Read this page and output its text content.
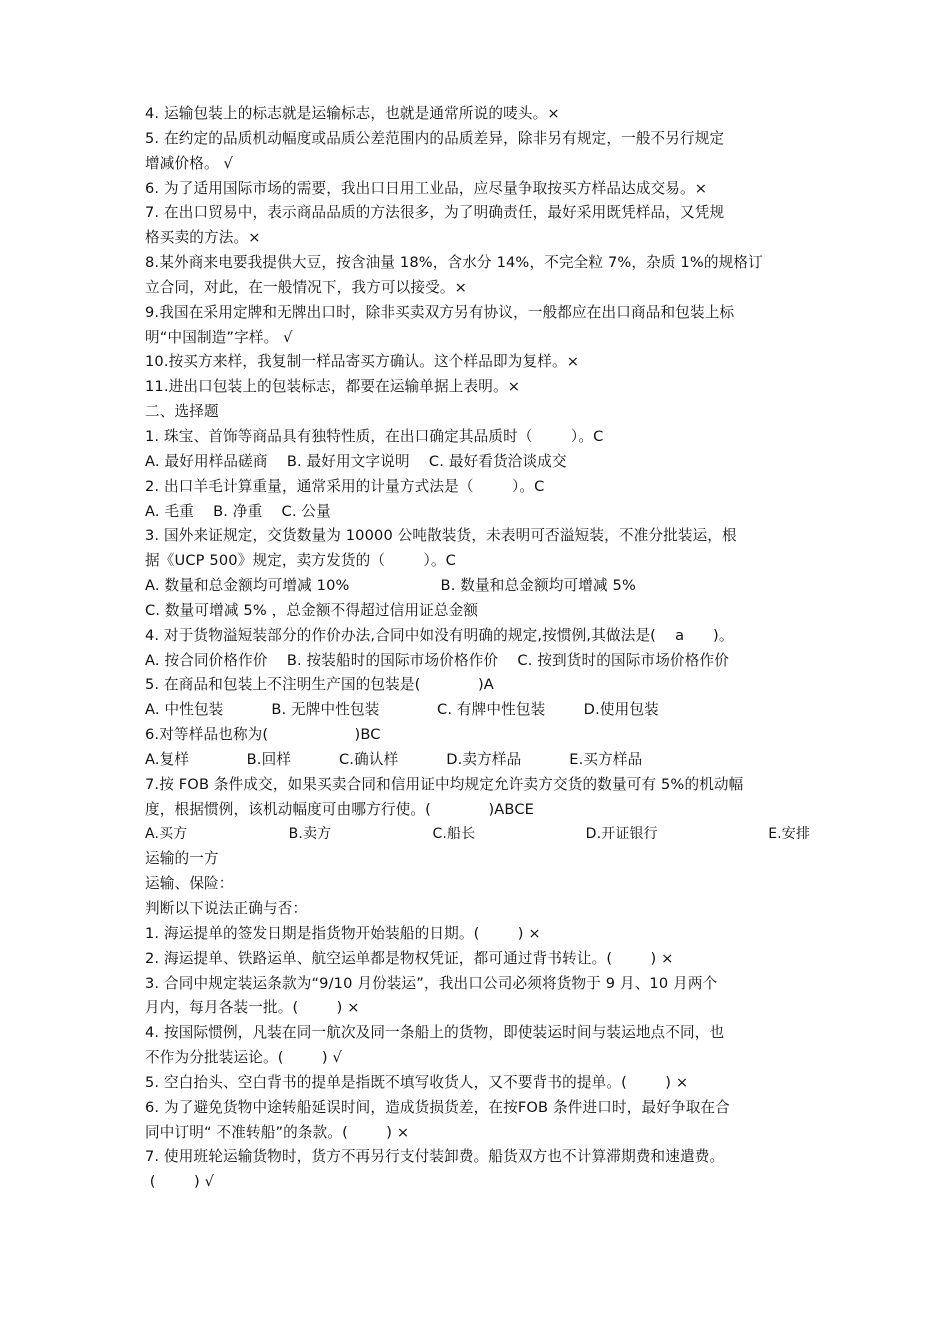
4. 运输包装上的标志就是运输标志，也就是通常所说的唛头。×
5. 在约定的品质机动幅度或品质公差范围内的品质差异，除非另有规定，一般不另行规定
增减价格。 √
6. 为了适用国际市场的需要，我出口日用工业品，应尽量争取按买方样品达成交易。×
7. 在出口贸易中，表示商品品质的方法很多，为了明确责任，最好采用既凭样品，又凭规
格买卖的方法。×
8.某外商来电要我提供大豆，按含油量 18%，含水分 14%，不完全粒 7%，杂质 1%的规格订
立合同，对此，在一般情况下，我方可以接受。×
9.我国在采用定牌和无牌出口时，除非买卖双方另有协议，一般都应在出口商品和包装上标
明“中国制造”字样。 √
10.按买方来样，我复制一样品寄买方确认。这个样品即为复样。×
11.进出口包装上的包装标志，都要在运输单据上表明。×
二、选择题
1. 珠宝、首饰等商品具有独特性质，在出口确定其品质时（        ）。C
A. 最好用样品磋商    B. 最好用文字说明    C. 最好看货洽谈成交
2. 出口羊毛计算重量，通常采用的计量方式法是（        ）。C
A. 毛重    B. 净重    C. 公量
3. 国外来证规定，交货数量为 10000 公吨散装货，未表明可否溢短装，不准分批装运，根
据《UCP 500》规定，卖方发货的（        ）。C
A. 数量和总金额均可增减 10%                   B. 数量和总金额均可增减 5%
C. 数量可增减 5% ，总金额不得超过信用证总金额
4. 对于货物溢短装部分的作价办法,合同中如没有明确的规定,按惯例,其做法是(    a      )。
A. 按合同价格作价    B. 按装船时的国际市场价格作价    C. 按到货时的国际市场价格作价
5. 在商品和包装上不注明生产国的包装是(            )A
A. 中性包装          B. 无牌中性包装            C. 有牌中性包装        D.使用包装
6.对等样品也称为(                  )BC
A.复样            B.回样          C.确认样          D.卖方样品          E.买方样品
7.按 FOB 条件成交，如果买卖合同和信用证中均规定允许卖方交货的数量可有 5%的机动幅
度，根据惯例，该机动幅度可由哪方行使。(            )ABCE
A.买方                      B.卖方                      C.船长                        D.开证银行                        E.安排
运输的一方
运输、保险：
判断以下说法正确与否：
1. 海运提单的签发日期是指货物开始装船的日期。(        ) ×
2. 海运提单、铁路运单、航空运单都是物权凭证，都可通过背书转让。(        ) ×
3. 合同中规定装运条款为“9/10 月份装运”，我出口公司必须将货物于 9 月、10 月两个
月内，每月各装一批。(        ) ×
4. 按国际惯例，凡装在同一航次及同一条船上的货物，即使装运时间与装运地点不同，也
不作为分批装运论。(        ) √
5. 空白抬头、空白背书的提单是指既不填写收货人，又不要背书的提单。(        ) ×
6. 为了避免货物中途转船延误时间，造成货损货差，在按FOB 条件进口时，最好争取在合
同中订明“ 不准转船”的条款。(        ) ×
7. 使用班轮运输货物时，货方不再另行支付装卸费。船货双方也不计算滞期费和速遣费。
(        ) √
